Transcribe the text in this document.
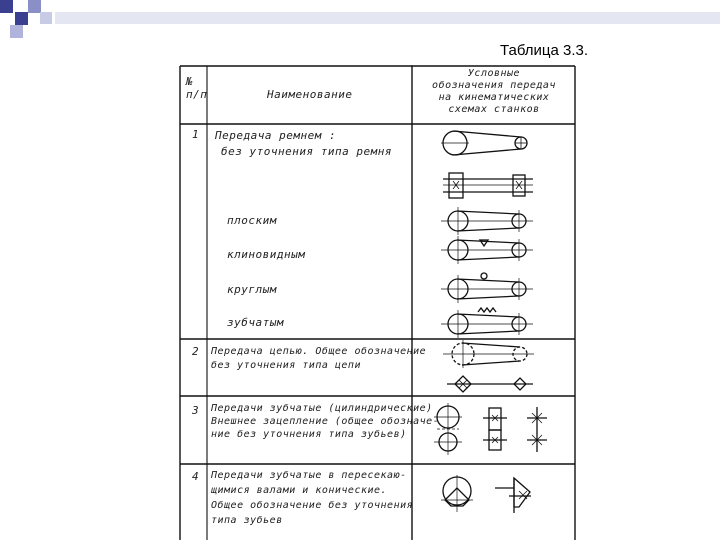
Таблица 3.3.
№
п/п	Наименование
Условные
обозначения передач
на кинематических
схемах станков
1 Передача ремнем :
без уточнения типа ремня
плоским
клиновидным
круглым
зубчатым
2 Передача цепью. Общее обозначение
без уточнения типа цепи
3 Передачи зубчатые (цилиндрические)
Внешнее зацепление (общее обозначе-
ние без уточнения типа зубьев)
4 Передачи зубчатые в пересекаю-
щимися валами и конические.
Общее обозначение без уточнения
типа зубьев
